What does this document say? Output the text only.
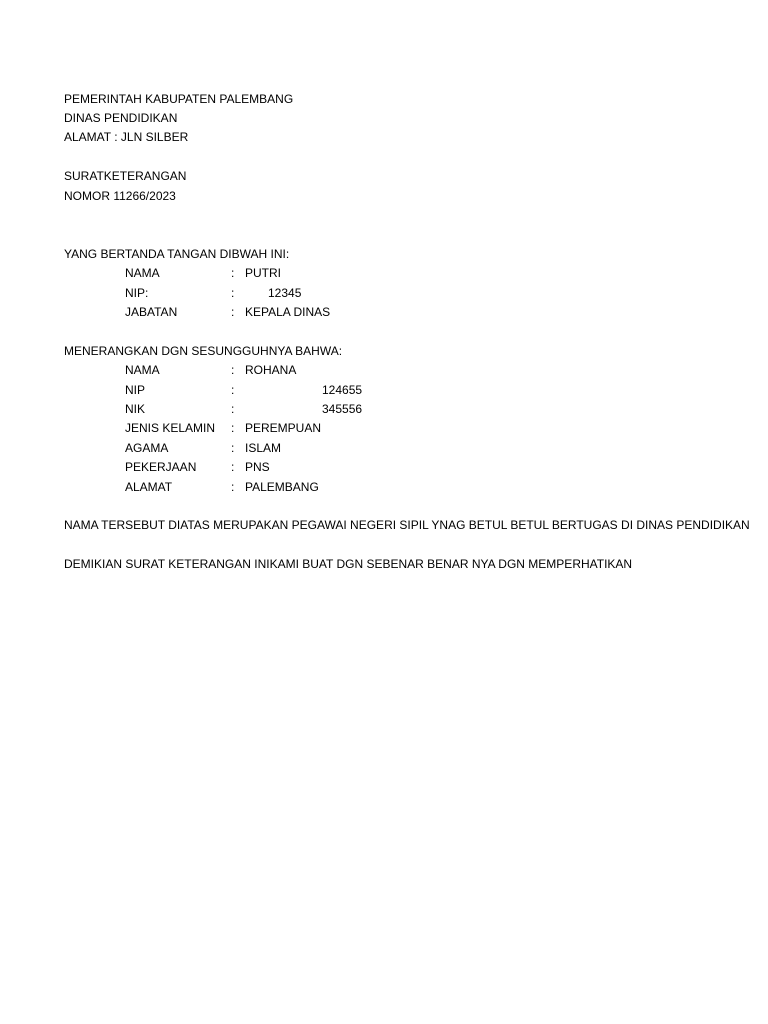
PEMERINTAH KABUPATEN PALEMBANG
DINAS PENDIDIKAN
ALAMAT : JLN SILBER
SURATKETERANGAN
NOMOR 11266/2023
YANG BERTANDA TANGAN DIBWAH INI:
NAMA	: PUTRI
NIP:	:	12345
JABATAN	: KEPALA DINAS
MENERANGKAN DGN SESUNGGUHNYA BAHWA:
NAMA	: ROHANA
NIP	:	124655
NIK	:	345556
JENIS KELAMIN : PEREMPUAN
AGAMA	: ISLAM
PEKERJAAN	: PNS
ALAMAT	: PALEMBANG
NAMA TERSEBUT DIATAS MERUPAKAN PEGAWAI NEGERI SIPIL YNAG BETUL BETUL BERTUGAS DI DINAS PENDIDIKAN
DEMIKIAN SURAT KETERANGAN INIKAMI BUAT DGN SEBENAR BENAR NYA DGN MEMPERHATIKAN
